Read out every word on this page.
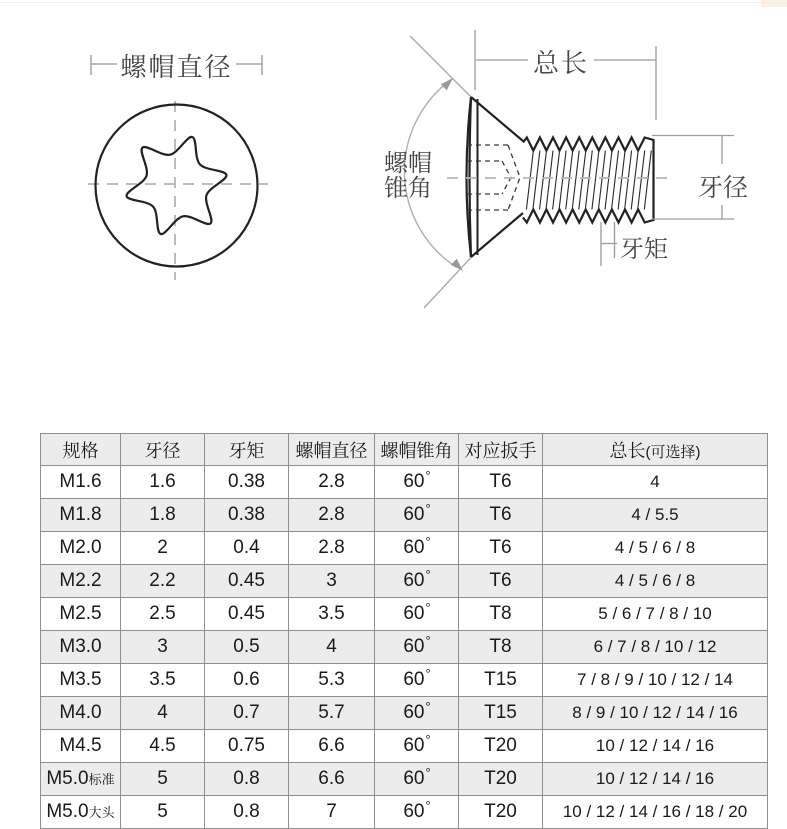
螺帽直径	总长
螺帽
锥角	牙径
牙矩
规格	牙径	牙矩	螺帽直径	螺帽锥角	对应扳手	总长(可选择)
M1.6	1.6	0.38	2.8	60°	T6	4
M1.8	1.8	0.38	2.8	60°	T6	4 / 5.5
M2.0	2	0.4	2.8	60°	T6	4 / 5 / 6 / 8
M2.2	2.2	0.45	3	60°	T6	4 / 5 / 6 / 8
M2.5	2.5	0.45	3.5	60°	T8	5 / 6 / 7 / 8 / 10
M3.0	3	0.5	4	60°	T8	6 / 7 / 8 / 10 / 12
M3.5	3.5	0.6	5.3	60°	T15	7 / 8 / 9 / 10 / 12 / 14
M4.0	4	0.7	5.7	60°	T15	8 / 9 / 10 / 12 / 14 / 16
M4.5	4.5	0.75	6.6	60°	T20	10 / 12 / 14 / 16
M5.0标准	5	0.8	6.6	60°	T20	10 / 12 / 14 / 16
M5.0大头	5	0.8	7	60°	T20	10 / 12 / 14 / 16 / 18 / 20
